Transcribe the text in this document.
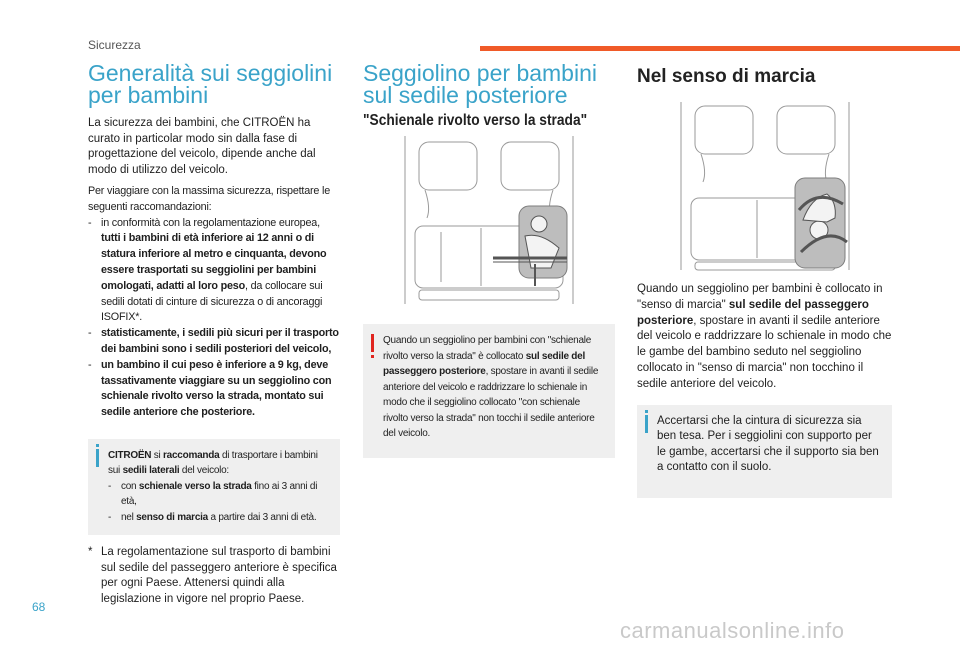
Sicurezza
Generalità sui seggiolini per bambini

La sicurezza dei bambini, che CITROËN ha curato in particolar modo sin dalla fase di progettazione del veicolo, dipende anche dal modo di utilizzo del veicolo.

Per viaggiare con la massima sicurezza, rispettare le seguenti raccomandazioni:

- in conformità con la regolamentazione europea, tutti i bambini di età inferiore ai 12 anni o di statura inferiore al metro e cinquanta, devono essere trasportati su seggiolini per bambini omologati, adatti al loro peso, da collocare sui sedili dotati di cinture di sicurezza o di ancoraggi ISOFIX*.
- statisticamente, i sedili più sicuri per il trasporto dei bambini sono i sedili posteriori del veicolo,
- un bambino il cui peso è inferiore a 9 kg, deve tassativamente viaggiare su un seggiolino con schienale rivolto verso la strada, montato sui sedile anteriore che posteriore.

CITROËN si raccomanda di trasportare i bambini sui sedili laterali del veicolo:

- con schienale verso la strada fino ai 3 anni di età,
- nel senso di marcia a partire dai 3 anni di età.
* La regolamentazione sul trasporto di bambini sul sedile del passeggero anteriore è specifica per ogni Paese. Attenersi quindi alla legislazione in vigore nel proprio Paese.
Seggiolino per bambini sul sedile posteriore
"Schienale rivolto verso la strada"

Quando un seggiolino per bambini con "schienale rivolto verso la strada" è collocato sul sedile del passeggero posteriore, spostare in avanti il sedile anteriore del veicolo e raddrizzare lo schienale in modo che il seggiolino collocato "con schienale rivolto verso la strada" non tocchi il sedile anteriore del veicolo.

Nel senso di marcia

Quando un seggiolino per bambini è collocato in "senso di marcia" sul sedile del passeggero posteriore, spostare in avanti il sedile anteriore del veicolo e raddrizzare lo schienale in modo che le gambe del bambino seduto nel seggiolino collocato in "senso di marcia" non tocchino il sedile anteriore del veicolo.

Accertarsi che la cintura di sicurezza sia ben tesa. Per i seggiolini con supporto per le gambe, accertarsi che il supporto sia ben a contatto con il suolo.

68
carmanualsonline.info
